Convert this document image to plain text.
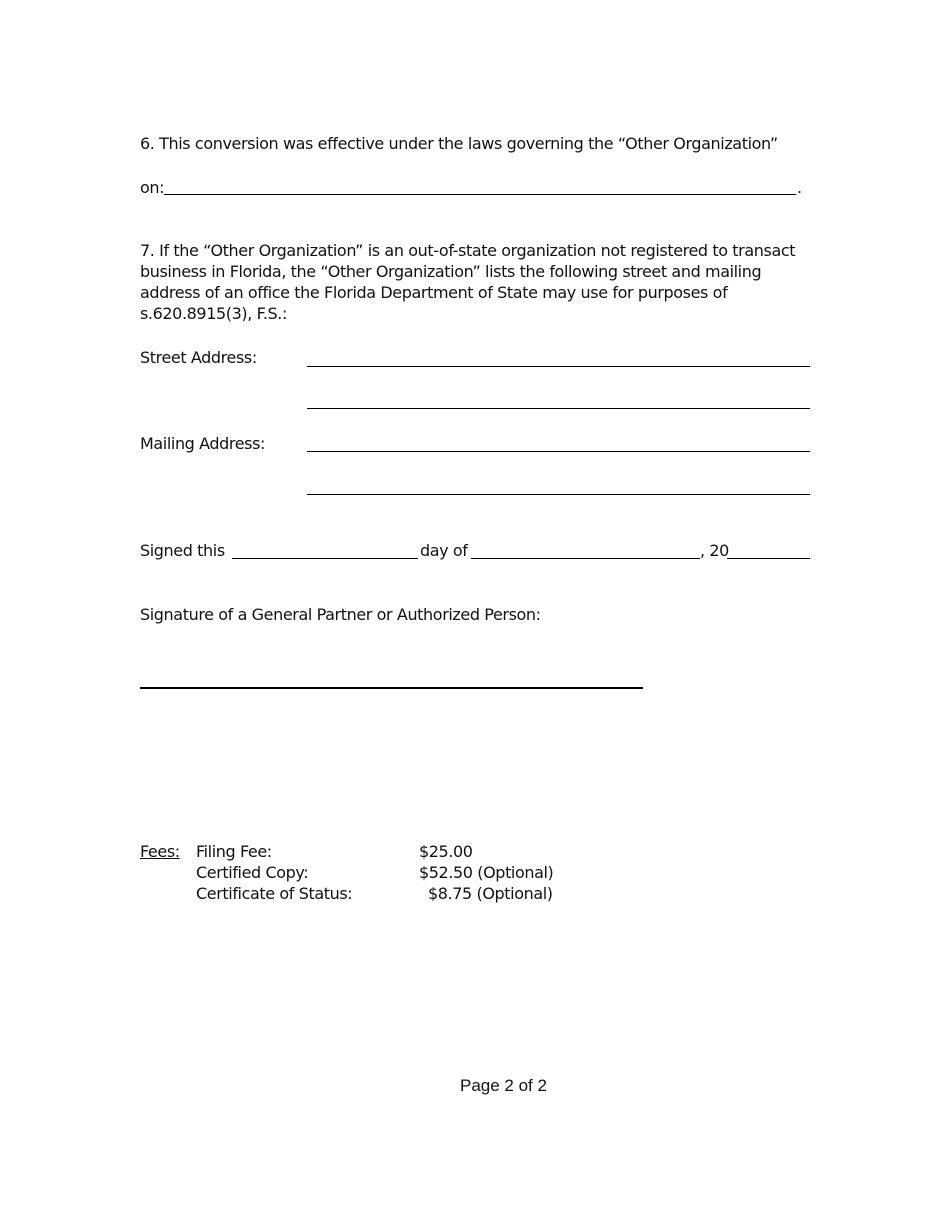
6. This conversion was effective under the laws governing the “Other Organization”
on:	.
7. If the “Other Organization” is an out-of-state organization not registered to transact business in Florida, the “Other Organization” lists the following street and mailing address of an office the Florida Department of State may use for purposes of s.620.8915(3), F.S.:
Street Address:
Mailing Address:
Signed this	day of	, 20
Signature of a General Partner or Authorized Person:
Fees: Filing Fee:	$25.00
Certified Copy:	$52.50 (Optional)
Certificate of Status:	$8.75 (Optional)
Page 2 of 2
